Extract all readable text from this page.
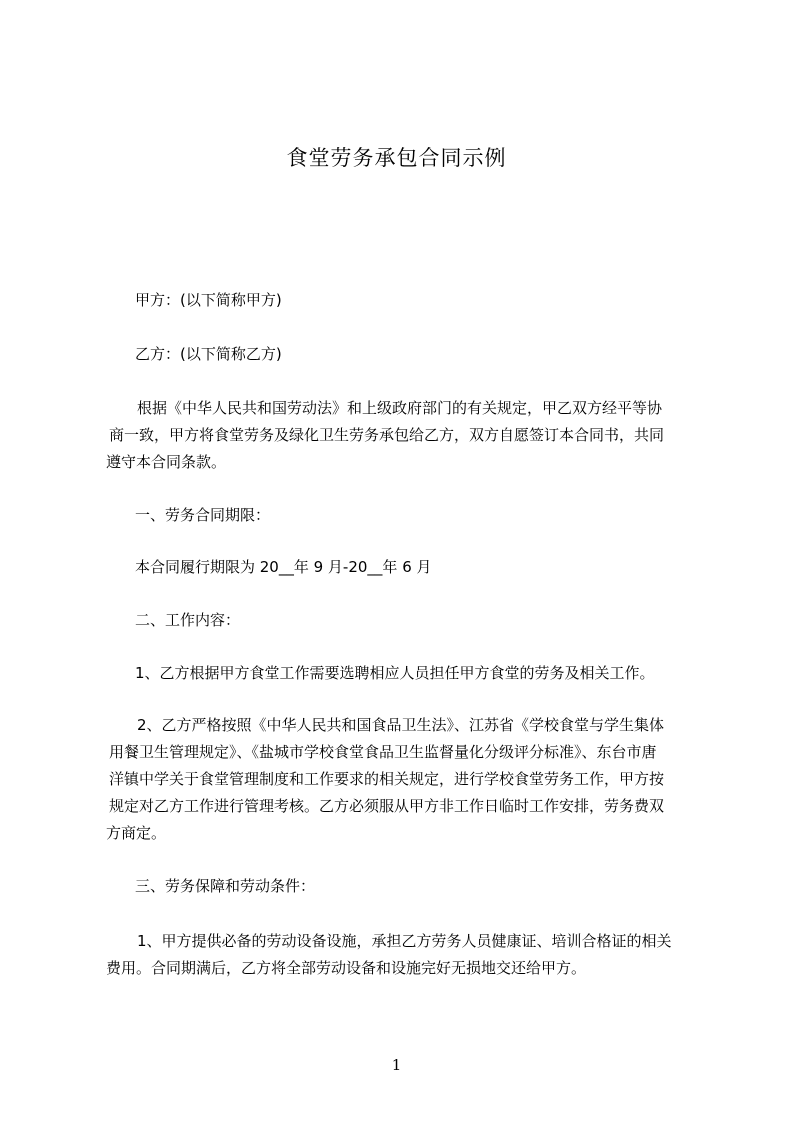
食堂劳务承包合同示例

甲方：(以下简称甲方)

乙方：(以下简称乙方)

根据《中华人民共和国劳动法》和上级政府部门的有关规定，甲乙双方经平等协
商一致，甲方将食堂劳务及绿化卫生劳务承包给乙方，双方自愿签订本合同书，共同
遵守本合同条款。

一、劳务合同期限：

本合同履行期限为 20__年 9 月-20__年 6 月

二、工作内容：

1、乙方根据甲方食堂工作需要选聘相应人员担任甲方食堂的劳务及相关工作。

2、乙方严格按照《中华人民共和国食品卫生法》、江苏省《学校食堂与学生集体
用餐卫生管理规定》、《盐城市学校食堂食品卫生监督量化分级评分标准》、东台市唐
洋镇中学关于食堂管理制度和工作要求的相关规定，进行学校食堂劳务工作，甲方按
规定对乙方工作进行管理考核。乙方必须服从甲方非工作日临时工作安排，劳务费双
方商定。

三、劳务保障和劳动条件：

1、甲方提供必备的劳动设备设施，承担乙方劳务人员健康证、培训合格证的相关
费用。合同期满后，乙方将全部劳动设备和设施完好无损地交还给甲方。
1
